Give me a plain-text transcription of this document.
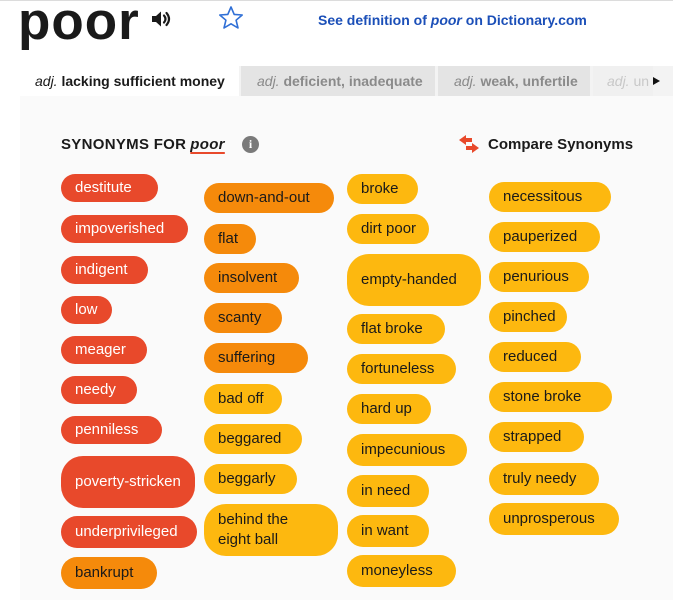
poor	See definition of poor on Dictionary.com
adj. lacking sufficient money	adj. deficient, inadequate	adj. weak, unfertile	adj. un
SYNONYMS FOR poor	i	Compare Synonyms
destitute
impoverished
indigent
low
meager
needy
penniless
poverty-stricken
underprivileged
bankrupt
down-and-out
flat
insolvent
scanty
suffering
bad off
beggared
beggarly
behind the eight ball
broke
dirt poor
empty-handed
flat broke
fortuneless
hard up
impecunious
in need
in want
moneyless
necessitous
pauperized
penurious
pinched
reduced
stone broke
strapped
truly needy
unprosperous
